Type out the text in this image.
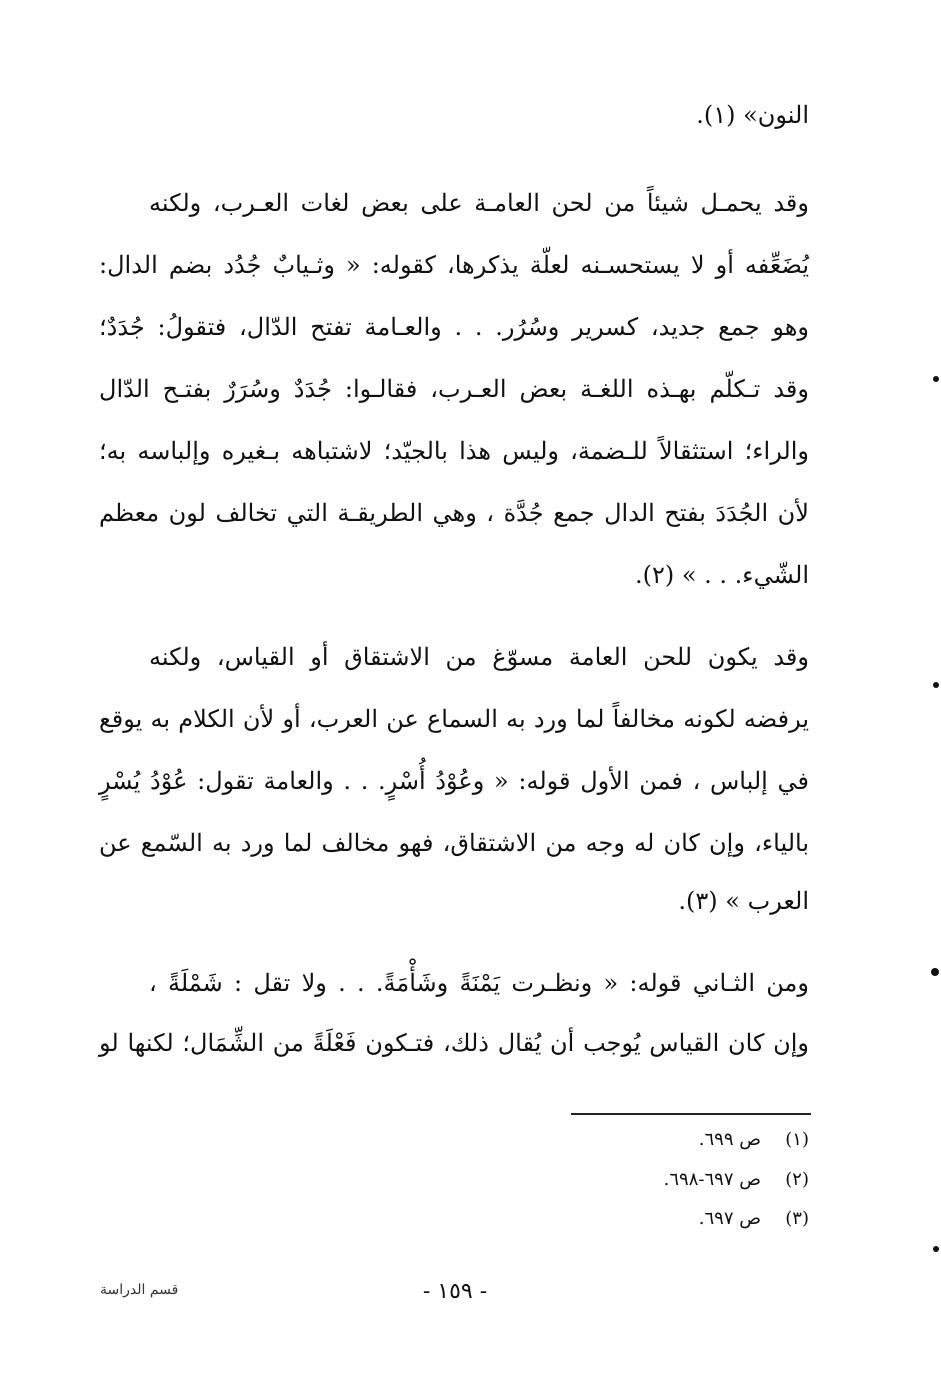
النون» (١).
وقد يحمـل شيئاً من لحن العامـة على بعض لغات العـرب، ولكنه
يُضَعِّفه أو لا يستحسـنه لعلّة يذكرها، كقوله: « وثـيابٌ جُدُد بضم الدال:
وهو جمع جديد، كسرير وسُرُر. . . والعـامة تفتح الدّال، فتقولُ: جُدَدٌ؛
وقد تـكلّم بهـذه اللغـة بعض العـرب، فقالـوا: جُدَدٌ وسُرَرٌ بفتـح الدّال
والراء؛ استثقالاً للـضمة، وليس هذا بالجيّد؛ لاشتباهه بـغيره وإلباسه به؛
لأن الجُدَدَ بفتح الدال جمع جُدَّة ، وهي الطريقـة التي تخالف لون معظم
الشّيء. . . » (٢).
وقد يكون للحن العامة مسوّغ من الاشتقاق أو القياس، ولكنه
يرفضه لكونه مخالفاً لما ورد به السماع عن العرب، أو لأن الكلام به يوقع
في إلباس ، فمن الأول قوله: « وعُوْدُ أُسْرٍ. . . والعامة تقول: عُوْدُ يُسْرٍ
بالياء، وإن كان له وجه من الاشتقاق، فهو مخالف لما ورد به السّمع عن
العرب » (٣).
ومن الثـاني قوله: « ونظـرت يَمْنَةً وشَأْمَةً. . . ولا تقل : شَمْلَةً ،
وإن كان القياس يُوجب أن يُقال ذلك، فتـكون فَعْلَةً من الشِّمَال؛ لكنها لو
(١)ص ٦٩٩.
(٢)ص ٦٩٧-٦٩٨.
(٣)ص ٦٩٧.
- ١٥٩ -
قسم الدراسة
